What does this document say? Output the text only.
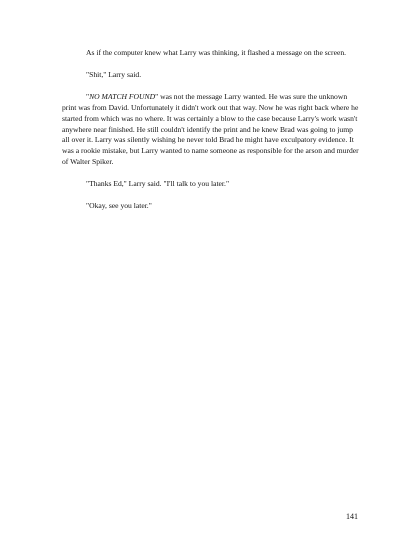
As if the computer knew what Larry was thinking, it flashed a message on the screen.

"Shit," Larry said.

"NO MATCH FOUND" was not the message Larry wanted. He was sure the unknown print was from David. Unfortunately it didn't work out that way. Now he was right back where he started from which was no where. It was certainly a blow to the case because Larry's work wasn't anywhere near finished. He still couldn't identify the print and he knew Brad was going to jump all over it. Larry was silently wishing he never told Brad he might have exculpatory evidence. It was a rookie mistake, but Larry wanted to name someone as responsible for the arson and murder of Walter Spiker.

"Thanks Ed," Larry said. "I'll talk to you later."

"Okay, see you later."

141
